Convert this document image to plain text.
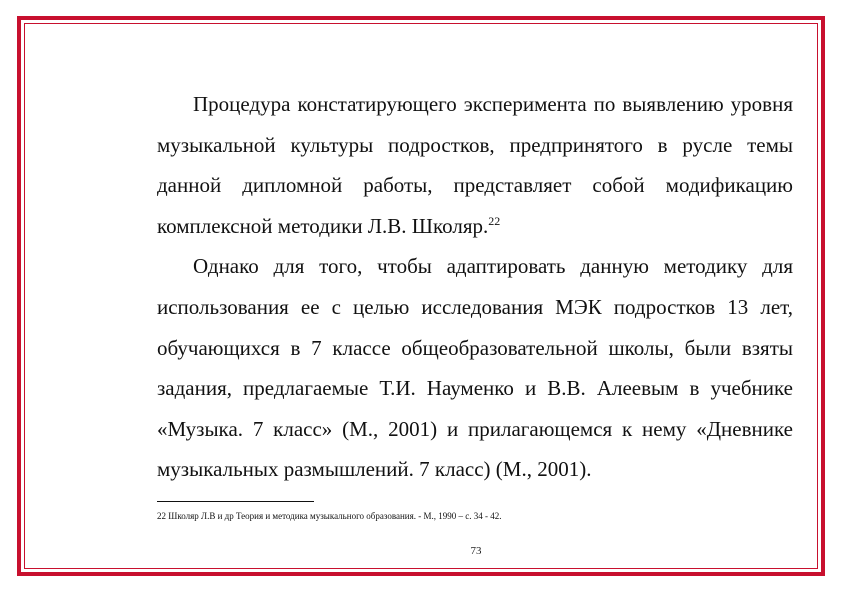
Процедура констатирующего эксперимента по выявлению уровня музыкальной культуры подростков, предпринятого в русле темы данной дипломной работы, представляет собой модификацию комплексной методики Л.В. Школяр.$^{22}$

Однако для того, чтобы адаптировать данную методику для использования ее с целью исследования МЭК подростков 13 лет, обучающихся в 7 классе общеобразовательной школы, были взяты задания, предлагаемые Т.И. Науменко и В.В. Алеевым в учебнике «Музыка. 7 класс» (М., 2001) и прилагающемся к нему «Дневнике музыкальных размышлений. 7 класс) (М., 2001).

22 Школяр Л.В и др Теория и методика музыкального образования. - М., 1990 – с. 34 - 42.
73
